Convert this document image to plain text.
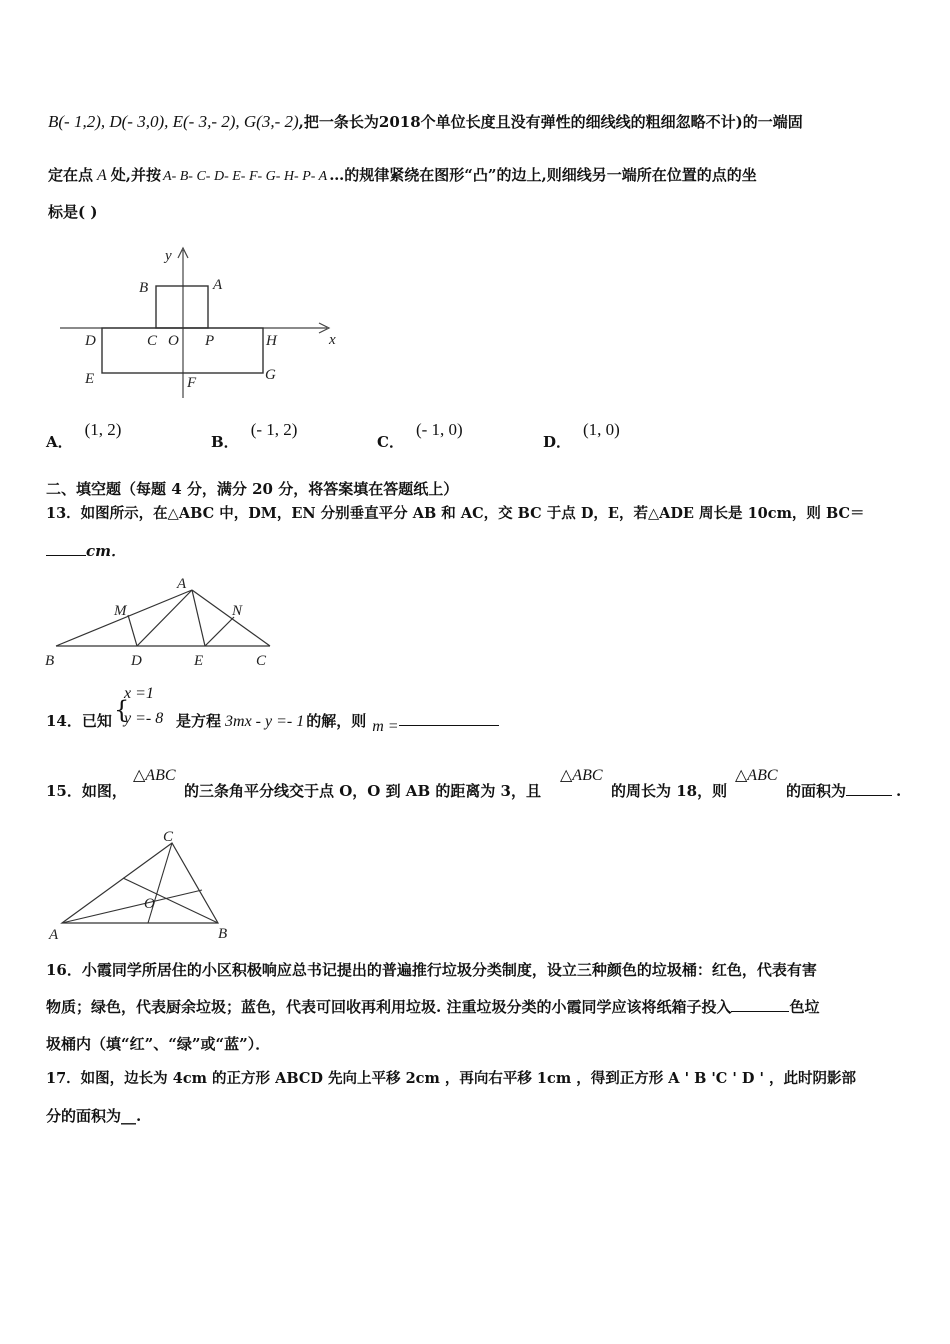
B(- 1,2), D(- 3,0), E(- 3,- 2), G(3,- 2),把一条长为2018个单位长度且没有弹性的细线线的粗细忽略不计)的一端固
定在点 A 处,并按 A- B- C- D- E- F- G- H- P- A …的规律紧绕在图形“凸”的边上,则细线另一端所在位置的点的坐
标是( )
y
x
B	A
C O P
D	H
E	F	G
A．(1, 2)
B．(- 1, 2)
C．(- 1, 0)
D．(1, 0)
二、填空题（每题 4 分，满分 20 分，将答案填在答题纸上）
13．如图所示，在△ABC 中，DM，EN 分别垂直平分 AB 和 AC，交 BC 于点 D，E，若△ADE 周长是 10cm，则 BC＝
cm．
A
M	N
B	D	E	C
14．已知 {
x =1
y =- 8 是方程 3mx - y =- 1 的解，则 m =
15．如图，
△ABC
的三条角平分线交于点 O，O 到 AB 的距离为 3，且
△ABC
的周长为 18，则
△ABC
的面积为	.
C
O
A	B
16．小霞同学所居住的小区积极响应总书记提出的普遍推行垃圾分类制度，设立三种颜色的垃圾桶：红色，代表有害
物质；绿色，代表厨余垃圾；蓝色，代表可回收再利用垃圾. 注重垃圾分类的小霞同学应该将纸箱子投入	色垃
圾桶内（填“红”、“绿”或“蓝”）．
17．如图，边长为 4cm 的正方形 ABCD 先向上平移 2cm ，再向右平移 1cm ，得到正方形 A ' B 'C ' D ' ，此时阴影部
分的面积为__.
